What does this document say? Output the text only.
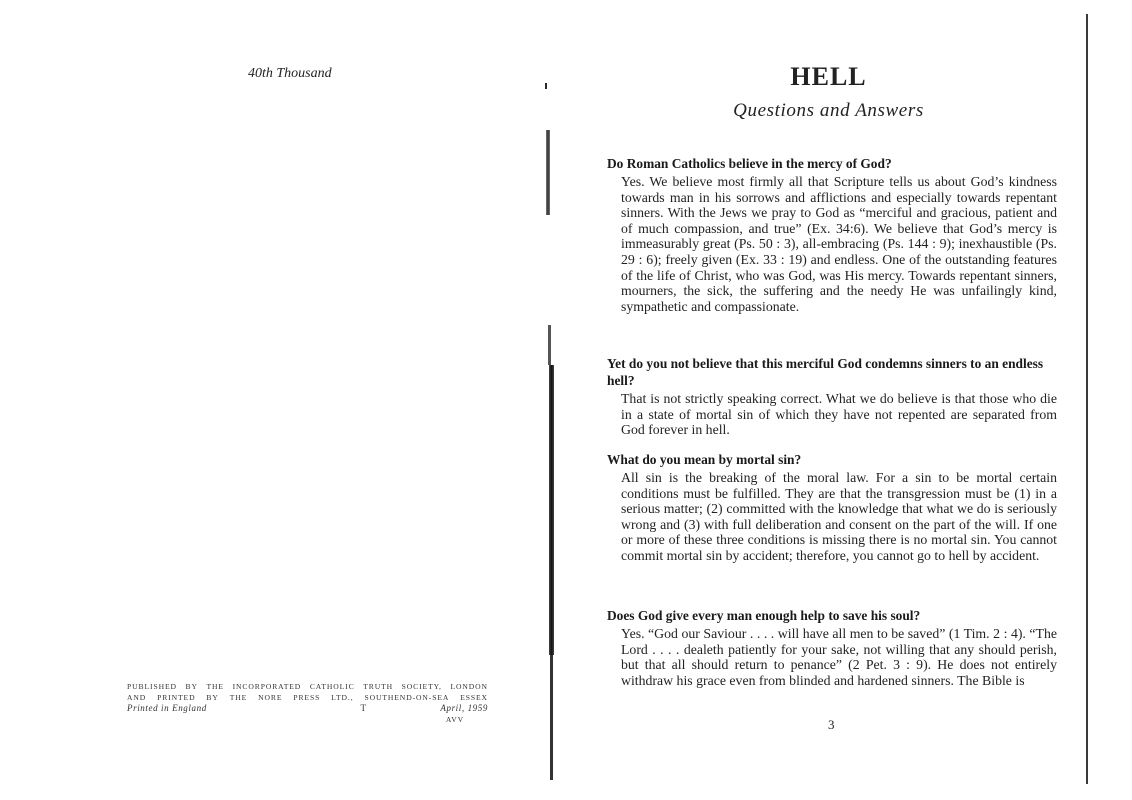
40th Thousand
PUBLISHED BY THE INCORPORATED CATHOLIC TRUTH SOCIETY, LONDON
AND PRINTED BY THE NORE PRESS LTD., SOUTHEND-ON-SEA ESSEX
Printed in England	T	April, 1959
AVV
HELL
Questions and Answers

Do Roman Catholics believe in the mercy of God?

Yes. We believe most firmly all that Scripture tells us about God’s kindness towards man in his sorrows and afflictions and especially towards repentant sinners. With the Jews we pray to God as “merciful and gracious, patient and of much compassion, and true” (Ex. 34:6). We believe that God’s mercy is immeasurably great (Ps. 50 : 3), all-embracing (Ps. 144 : 9); inexhaustible (Ps. 29 : 6); freely given (Ex. 33 : 19) and endless. One of the outstanding features of the life of Christ, who was God, was His mercy. Towards repentant sinners, mourners, the sick, the suffering and the needy He was unfailingly kind, sympathetic and compassionate.

Yet do you not believe that this merciful God condemns sinners to an endless hell?

That is not strictly speaking correct. What we do believe is that those who die in a state of mortal sin of which they have not repented are separated from God forever in hell.

What do you mean by mortal sin?

All sin is the breaking of the moral law. For a sin to be mortal certain conditions must be fulfilled. They are that the transgression must be (1) in a serious matter; (2) committed with the knowledge that what we do is seriously wrong and (3) with full deliberation and consent on the part of the will. If one or more of these three conditions is missing there is no mortal sin. You cannot commit mortal sin by accident; therefore, you cannot go to hell by accident.

Does God give every man enough help to save his soul?

Yes. “God our Saviour . . . . will have all men to be saved” (1 Tim. 2 : 4). “The Lord . . . . dealeth patiently for your sake, not willing that any should perish, but that all should return to penance” (2 Pet. 3 : 9). He does not entirely withdraw his grace even from blinded and hardened sinners. The Bible is

3
